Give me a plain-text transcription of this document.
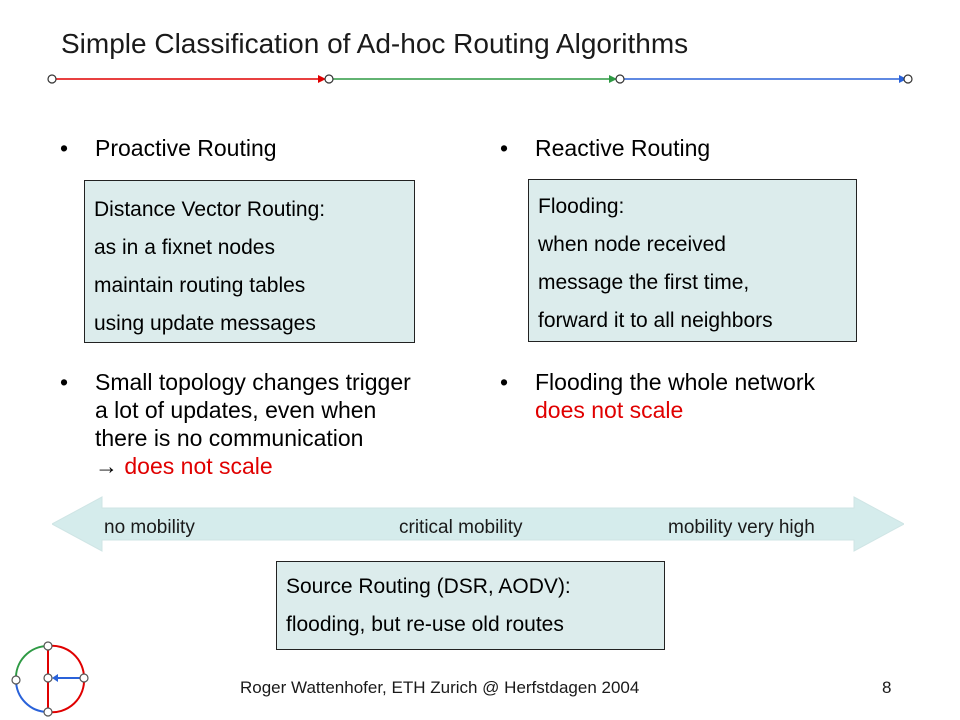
Simple Classification of Ad-hoc Routing Algorithms
• Proactive Routing	• Reactive Routing
Distance Vector Routing:
as in a fixnet nodes
maintain routing tables
using update messages
Flooding:
when node received
message the first time,
forward it to all neighbors
• Small topology changes trigger
a lot of updates, even when
there is no communication
→ does not scale
• Flooding the whole network
does not scale
no mobility	critical mobility	mobility very high
Source Routing (DSR, AODV):
flooding, but re-use old routes
Roger Wattenhofer, ETH Zurich @ Herfstdagen 2004	8
